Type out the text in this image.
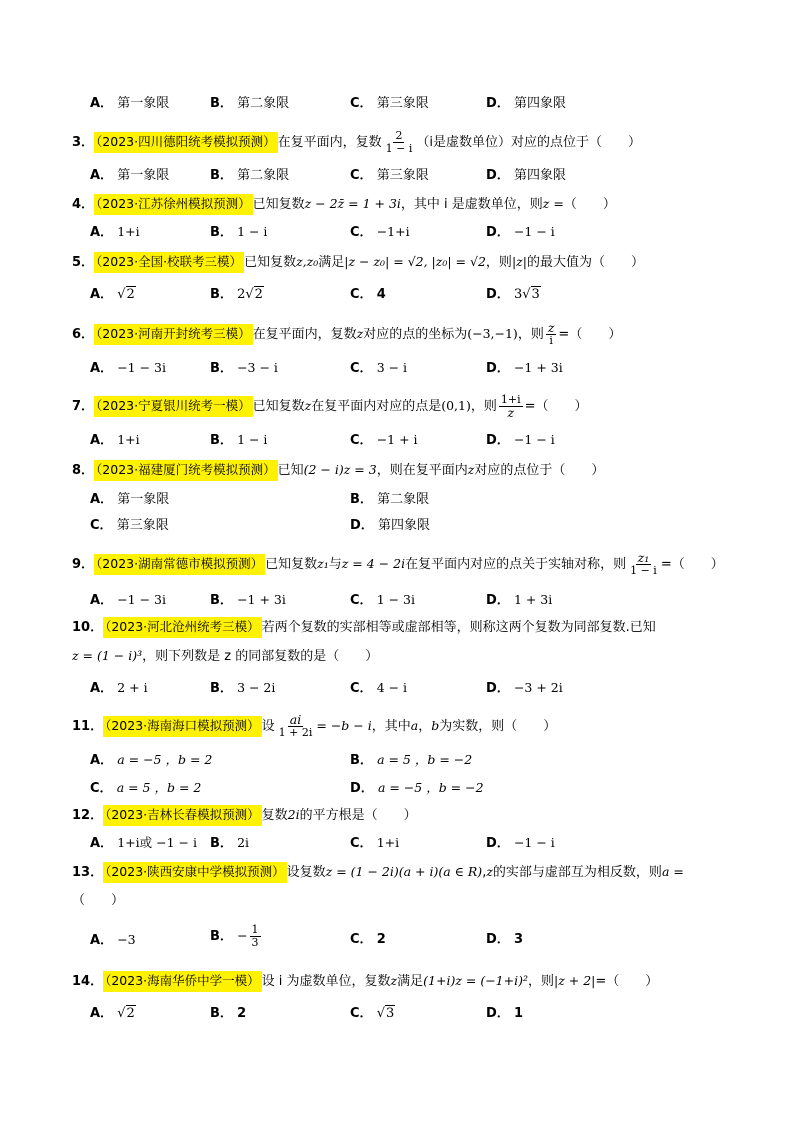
A． 第一象限	B． 第二象限	C． 第三象限	D． 第四象限
3． （2023·四川德阳统考模拟预测） 在复平面内，复数 $\frac{2}{1 - i} (i$是虚数单位）对应的点位于（　　）
A． 第一象限	B． 第二象限	C． 第三象限	D． 第四象限
4． （2023·江苏徐州模拟预测） 已知复数z − 2z̄ = 1 + 3i，其中 i 是虚数单位，则z =（　　）
A． 1+i	B． 1 − i	C． −1+i	D． −1 − i
5． （2023·全国·校联考三模） 已知复数z,z₀满足|z − z₀| = √2, |z₀| = √2，则|z|的最大值为（　　）
A． √2	B． 2√2	C． 4	D． 3√3
6． （2023·河南开封统考三模） 在复平面内，复数z对应的点的坐标为(−3,−1)，则 $\frac{z}{i}$ =（　　）
A． −1 − 3i	B． −3 − i	C． 3 − i	D． −1 + 3i
7． （2023·宁夏银川统考一模） 已知复数z在复平面内对应的点是(0,1)，则 $\frac{1+i}{z}$ =（　　）
A． 1+i	B． 1 − i	C． −1 + i	D． −1 − i
8． （2023·福建厦门统考模拟预测） 已知(2 − i)z = 3，则在复平面内z对应的点位于（　　）
A． 第一象限	B． 第二象限
C． 第三象限	D． 第四象限
9． （2023·湖南常德市模拟预测） 已知复数z₁与z = 4 − 2i在复平面内对应的点关于实轴对称，则 $\frac{\text{z₁}}{1 - i}$ =（　　）
A． −1 − 3i	B． −1 + 3i	C． 1 − 3i	D． 1 + 3i
10． （2023·河北沧州统考三模） 若两个复数的实部相等或虚部相等，则称这两个复数为同部复数.已知
z = (1 − i)³，则下列数是 z 的同部复数的是（　　）
A． 2 + i	B． 3 − 2i	C． 4 − i	D． −3 + 2i
11． （2023·海南海口模拟预测） 设 $\frac{ai}{1 + 2i} = -b - i$，其中a，b为实数，则（　　）
A． a = −5 ，b = 2	B． a = 5 ，b = −2
C． a = 5 ，b = 2	D． a = −5 ，b = −2
12． （2023·吉林长春模拟预测） 复数2i的平方根是（　　）
A． 1+i或 −1 − i B． 2i	C． 1+i	D． −1 − i
13． （2023·陕西安康中学模拟预测） 设复数z = (1 − 2i)(a + i)(a ∈ R),z的实部与虚部互为相反数，则a =
（　　）
A． −3	B． − $\frac{1}{3}$	C． 2	D． 3
14． （2023·海南华侨中学一模） 设 i 为虚数单位，复数z满足(1+i)z = (−1+i)²，则|z + 2|=（　　）
A． √2	B． 2	C． √3	D． 1
